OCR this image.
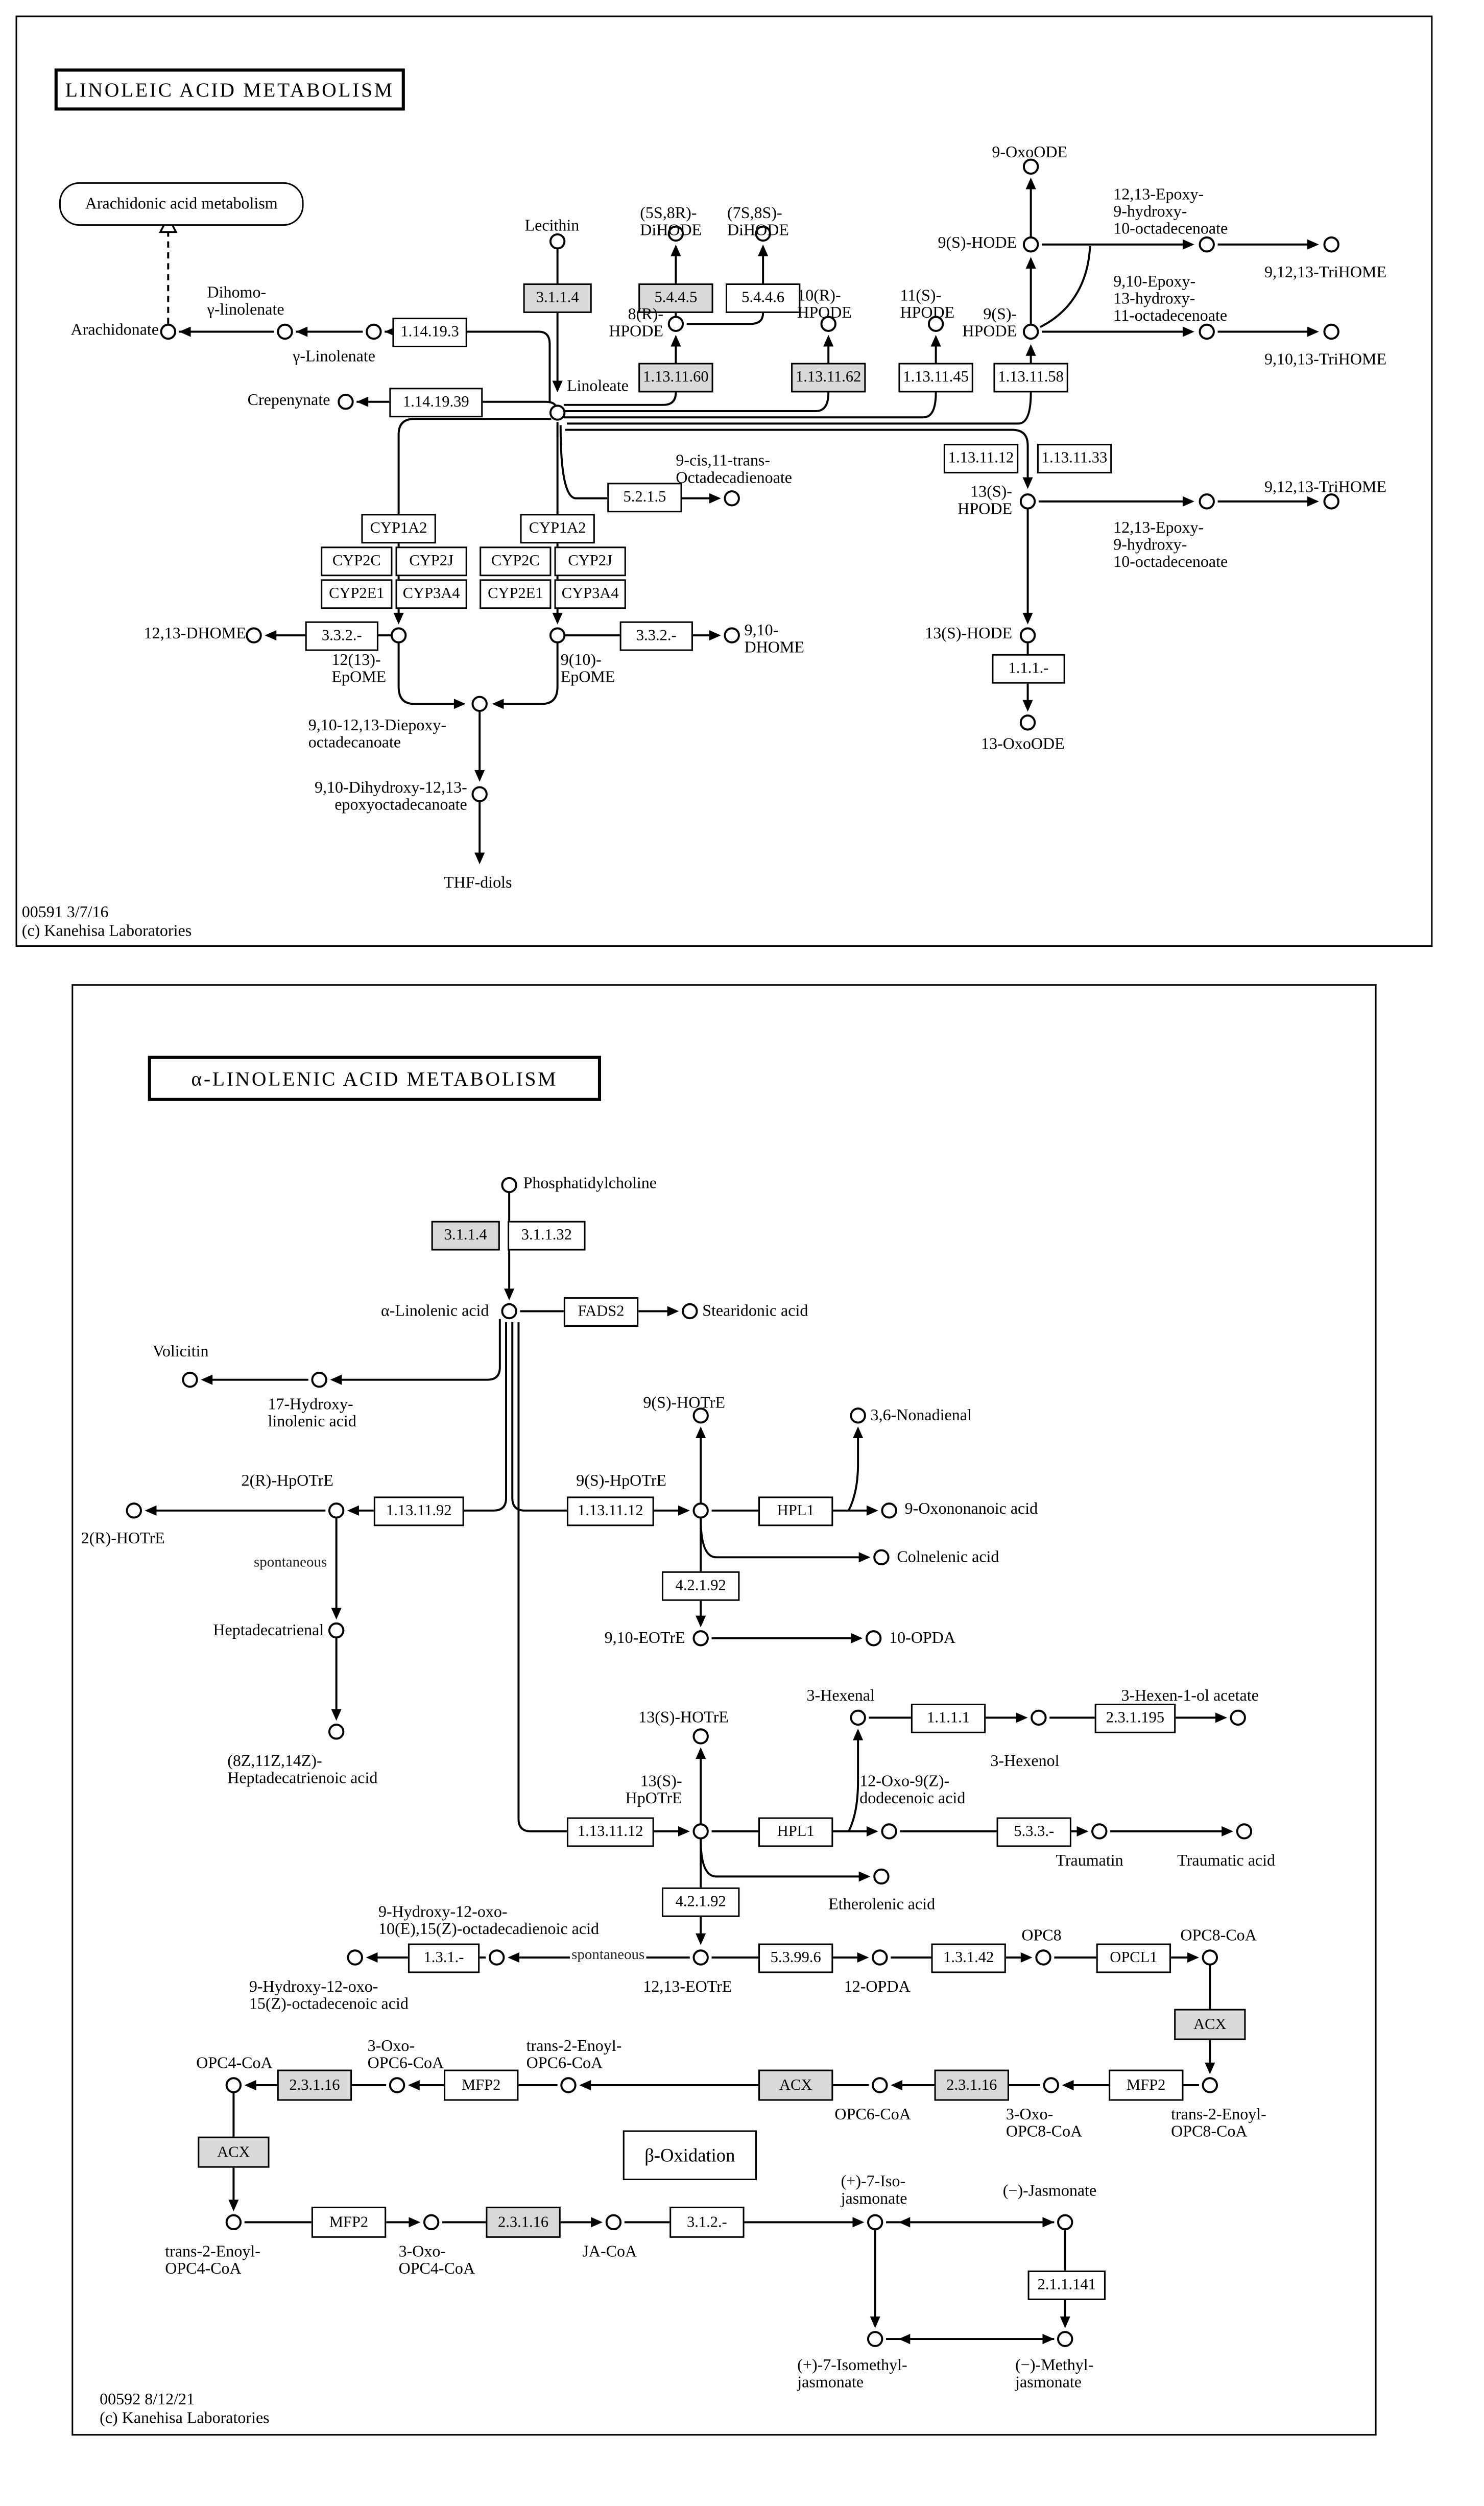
LINOLEIC ACID METABOLISM
Arachidonic acid metabolism
00591 3/7/16
(c) Kanehisa Laboratories
α-LINOLENIC ACID METABOLISM
00592 8/12/21
(c) Kanehisa Laboratories
1.14.19.3
1.14.19.39
3.1.1.4	5.4.4.5	5.4.4.6
1.13.11.60	1.13.11.62	1.13.11.45	1.13.11.58
1.13.11.12	1.13.11.33
5.2.1.5
CYP1A2
CYP2C	CYP2J
CYP2E1	CYP3A4
CYP1A2
CYP2C	CYP2J
CYP2E1	CYP3A4
3.3.2.-	3.3.2.-
1.1.1.-
Arachidonate
Dihomo-
γ-linolenate
γ-Linolenate
Crepenynate
Lecithin
Linoleate
8(R)-
HPODE
(5S,8R)-
DiHODE
(7S,8S)-
DiHODE
10(R)-
HPODE
11(S)-
HPODE
9(S)-HODE
9(S)-
HPODE
9-OxoODE
12,13-Epoxy-
9-hydroxy-
10-octadecenoate
9,12,13-TriHOME
9,10-Epoxy-
13-hydroxy-
11-octadecenoate
9,10,13-TriHOME
9-cis,11-trans-
Octadecadienoate
13(S)-
HPODE
12,13-Epoxy-
9-hydroxy-
10-octadecenoate
9,12,13-TriHOME
13(S)-HODE
13-OxoODE
12,13-DHOME
12(13)-
EpOME
9(10)-
EpOME
9,10-
DHOME
9,10-12,13-Diepoxy-
octadecanoate
9,10-Dihydroxy-12,13-
epoxyoctadecanoate
THF-diols
3.1.1.4	3.1.1.32
FADS2
1.13.11.92	1.13.11.12	HPL1
4.2.1.92
1.13.11.12	HPL1
1.1.1.1	2.3.1.195
5.3.3.-
4.2.1.92
1.3.1.-	5.3.99.6	1.3.1.42	OPCL1
ACX
MFP2
2.3.1.16
ACX
MFP2
2.3.1.16
ACX
MFP2	2.3.1.16	3.1.2.-
2.1.1.141
β-Oxidation
Phosphatidylcholine
α-Linolenic acid	Stearidonic acid
Volicitin
17-Hydroxy-
linolenic acid
2(R)-HpOTrE
2(R)-HOTrE
spontaneous
Heptadecatrienal
(8Z,11Z,14Z)-
Heptadecatrienoic acid
9(S)-HpOTrE
9(S)-HOTrE
3,6-Nonadienal
9-Oxononanoic acid
Colnelenic acid
9,10-EOTrE	10-OPDA
13(S)-HOTrE
3-Hexenal
3-Hexenol
3-Hexen-1-ol acetate
13(S)-
HpOTrE
12-Oxo-9(Z)-
dodecenoic acid
Traumatin	Traumatic acid
Etherolenic acid
9-Hydroxy-12-oxo-
10(E),15(Z)-octadecadienoic acid
spontaneous
12,13-EOTrE
9-Hydroxy-12-oxo-
15(Z)-octadecenoic acid
12-OPDA
OPC8	OPC8-CoA
trans-2-Enoyl-
OPC8-CoA
3-Oxo-
OPC8-CoA
OPC6-CoA
trans-2-Enoyl-
OPC6-CoA
3-Oxo-
OPC6-CoA
OPC4-CoA
trans-2-Enoyl-
OPC4-CoA
3-Oxo-
OPC4-CoA
JA-CoA
(+)-7-Iso-
jasmonate	(−)-Jasmonate
(+)-7-Isomethyl-
jasmonate
(−)-Methyl-
jasmonate
